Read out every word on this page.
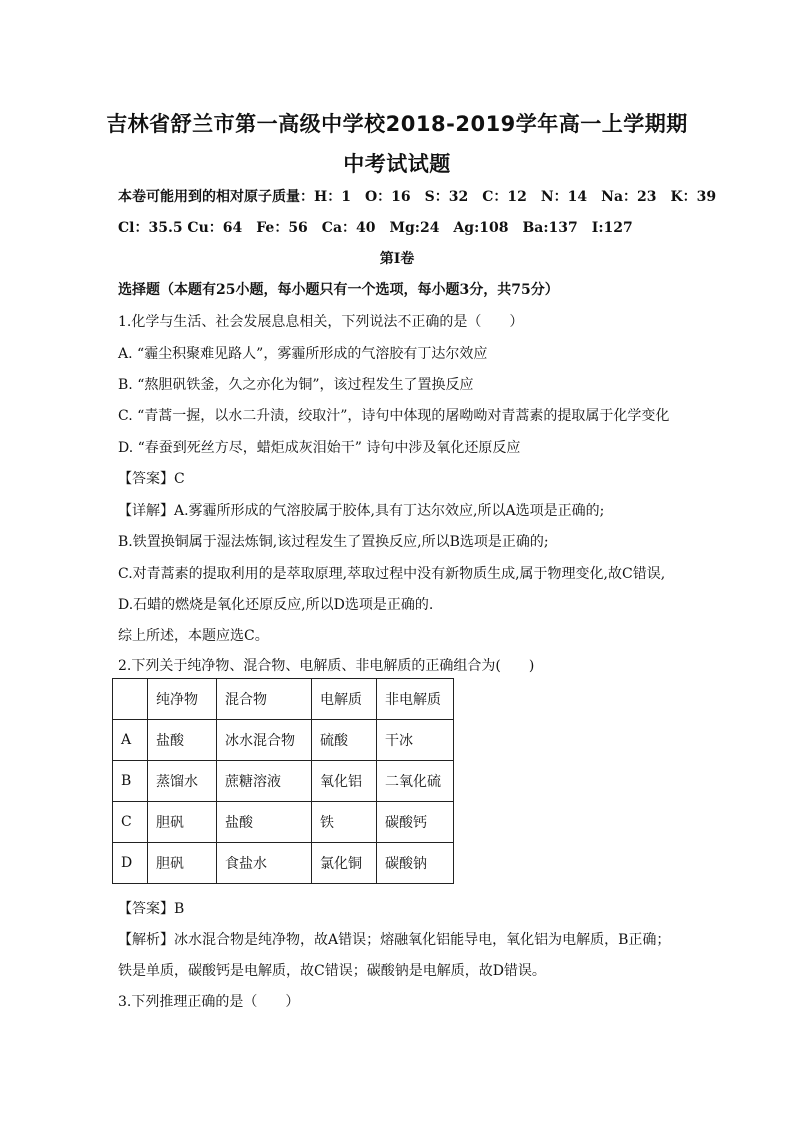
吉林省舒兰市第一高级中学校2018-2019学年高一上学期期
中考试试题
本卷可能用到的相对原子质量：H：1　O：16　S：32　C：12　N：14　Na：23　K：39
Cl：35.5 Cu：64　Fe：56　Ca：40　Mg:24　Ag:108　Ba:137　I:127
第Ⅰ卷
选择题（本题有25小题，每小题只有一个选项，每小题3分，共75分）
1.化学与生活、社会发展息息相关，下列说法不正确的是（　　）
A. “霾尘积聚难见路人”，雾霾所形成的气溶胶有丁达尔效应
B. “熬胆矾铁釜，久之亦化为铜”，该过程发生了置换反应
C. “青蒿一握，以水二升渍，绞取汁”，诗句中体现的屠呦呦对青蒿素的提取属于化学变化
D. “春蚕到死丝方尽，蜡炬成灰泪始干” 诗句中涉及氧化还原反应
【答案】C
【详解】A.雾霾所形成的气溶胶属于胶体,具有丁达尔效应,所以A选项是正确的;
B.铁置换铜属于湿法炼铜,该过程发生了置换反应,所以B选项是正确的;
C.对青蒿素的提取利用的是萃取原理,萃取过程中没有新物质生成,属于物理变化,故C错误,
D.石蜡的燃烧是氧化还原反应,所以D选项是正确的.
综上所述，本题应选C。
2.下列关于纯净物、混合物、电解质、非电解质的正确组合为(　　)
	纯净物	混合物	电解质	非电解质
A	盐酸	冰水混合物	硫酸	干冰
B	蒸馏水	蔗糖溶液	氧化铝	二氧化硫
C	胆矾	盐酸	铁	碳酸钙
D	胆矾	食盐水	氯化铜	碳酸钠
【答案】B
【解析】冰水混合物是纯净物，故A错误；熔融氧化铝能导电，氧化铝为电解质，B正确；
铁是单质，碳酸钙是电解质，故C错误；碳酸钠是电解质，故D错误。
3.下列推理正确的是（　　）
